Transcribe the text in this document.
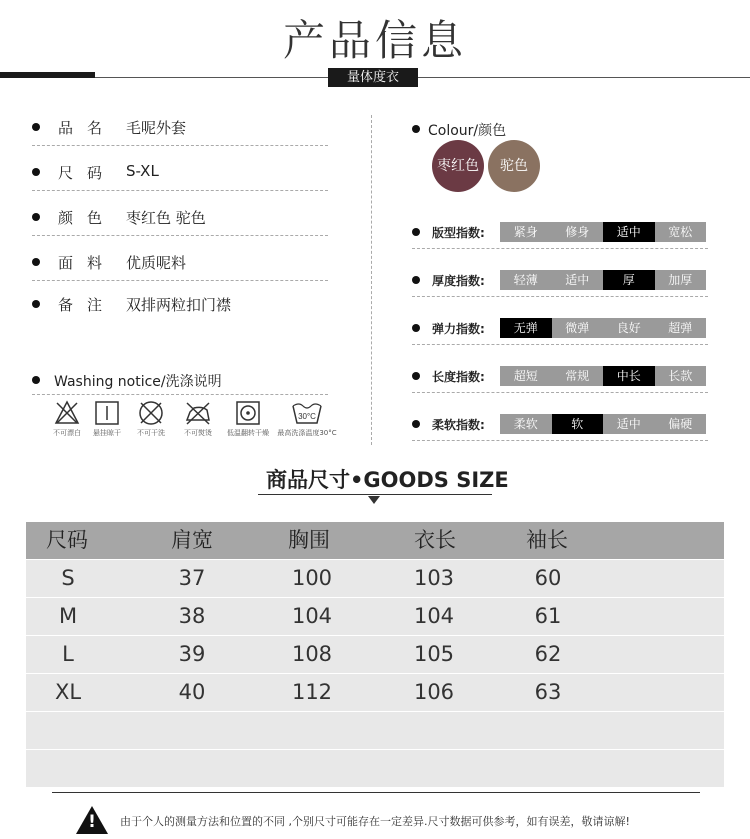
产品信息
量体度衣
品名 毛呢外套
尺码 S-XL
颜色 枣红色 驼色
面料 优质呢料
备注 双排两粒扣门襟
Washing notice/洗涤说明
不可漂白	悬挂晾干	不可干洗	不可熨烫	低温翻转干燥
30°C
最高洗涤温度30°C
Colour/颜色
枣红色	驼色
版型指数:	紧身	修身	适中	宽松
厚度指数:	轻薄	适中	厚	加厚
弹力指数:	无弹	微弹	良好	超弹
长度指数:	超短	常规	中长	长款
柔软指数:	柔软	软	适中	偏硬
商品尺寸•GOODS SIZE
尺码	肩宽	胸围	衣长	袖长
S	37	100	103	60
M	38	104	104	61
L	39	108	105	62
XL	40	112	106	63
! 由于个人的测量方法和位置的不同 ,个别尺寸可能存在一定差异.尺寸数据可供参考，如有误差，敬请谅解!
